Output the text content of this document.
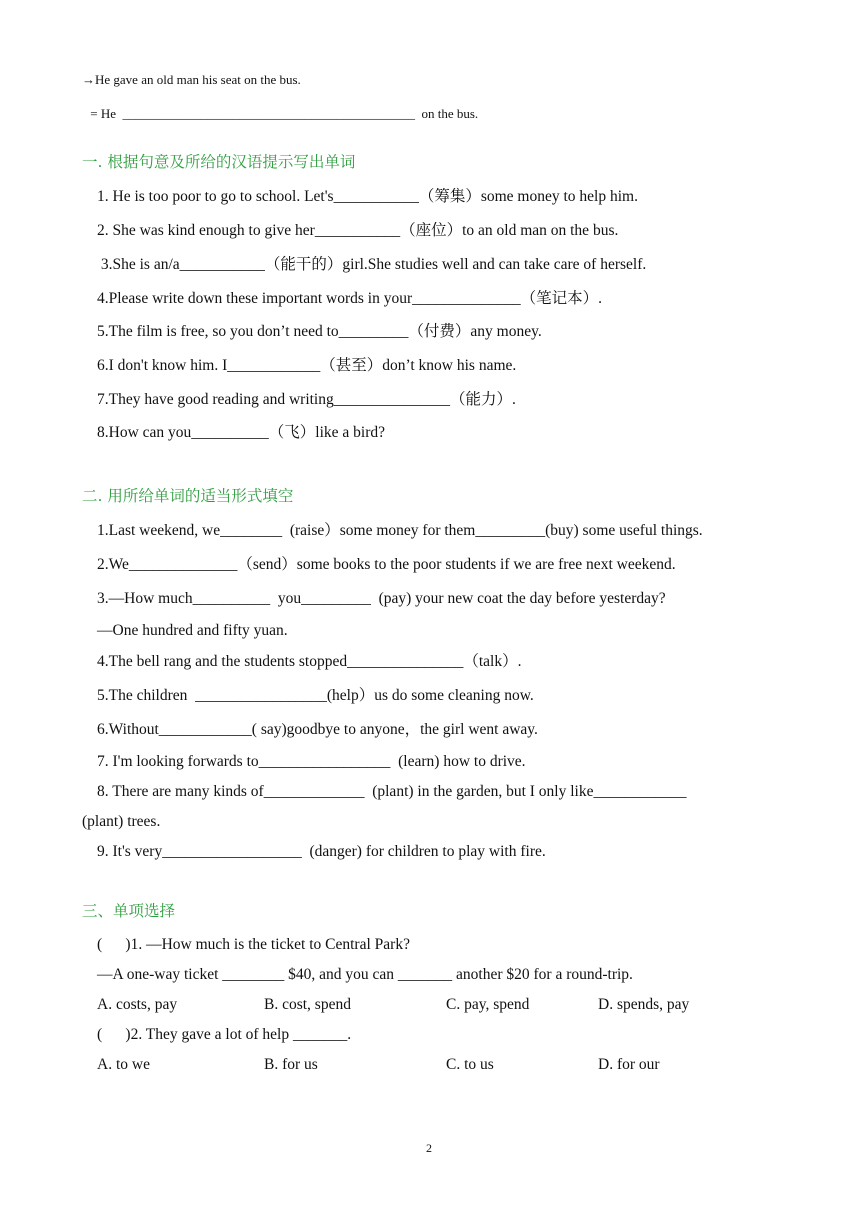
→He gave an old man his seat on the bus.
= He  _____________________________________________  on the bus.
一. 根据句意及所给的汉语提示写出单词
1. He is too poor to go to school. Let's___________（筹集）some money to help him.
2. She was kind enough to give her___________（座位）to an old man on the bus.
3.She is an/a___________（能干的）girl.She studies well and can take care of herself.
4.Please write down these important words in your______________（笔记本）.
5.The film is free, so you don’t need to_________（付费）any money.
6.I don't know him. I____________（甚至）don’t know his name.
7.They have good reading and writing_______________（能力）.
8.How can you__________（飞）like a bird?
二. 用所给单词的适当形式填空
1.Last weekend, we________  (raise）some money for them_________(buy) some useful things.
2.We______________（send）some books to the poor students if we are free next weekend.
3.—How much__________  you_________  (pay) your new coat the day before yesterday?
—One hundred and fifty yuan.
4.The bell rang and the students stopped_______________（talk）.
5.The children  _________________(help）us do some cleaning now.
6.Without____________( say)goodbye to anyone，the girl went away.
7. I'm looking forwards to_________________  (learn) how to drive.
8. There are many kinds of_____________  (plant) in the garden, but I only like____________
(plant) trees.
9. It's very__________________  (danger) for children to play with fire.
三、单项选择
(      )1. —How much is the ticket to Central Park?
—A one-way ticket ________ $40, and you can _______ another $20 for a round-trip.
A. costs, pay	B. cost, spend	C. pay, spend	D. spends, pay
(      )2. They gave a lot of help _______.
A. to we	B. for us	C. to us	D. for our
2
